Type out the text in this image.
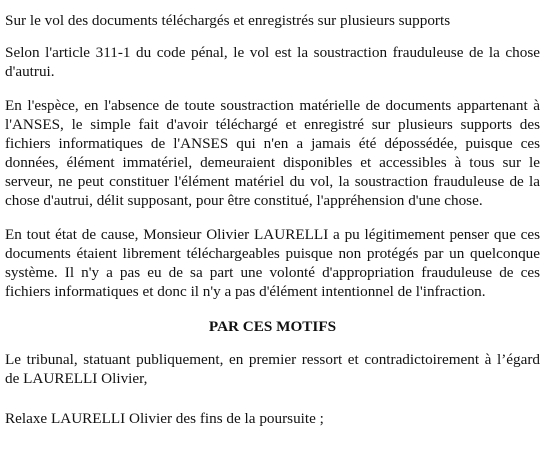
Sur le vol des documents téléchargés et enregistrés sur plusieurs supports

Selon l'article 311-1 du code pénal, le vol est la soustraction frauduleuse de la chose d'autrui.

En l'espèce, en l'absence de toute soustraction matérielle de documents appartenant à l'ANSES, le simple fait d'avoir téléchargé et enregistré sur plusieurs supports des fichiers informatiques de l'ANSES qui n'en a jamais été dépossédée, puisque ces données, élément immatériel, demeuraient disponibles et accessibles à tous sur le serveur, ne peut constituer l'élément matériel du vol, la soustraction frauduleuse de la chose d'autrui, délit supposant, pour être constitué, l'appréhension d'une chose.

En tout état de cause, Monsieur Olivier LAURELLI a pu légitimement penser que ces documents étaient librement téléchargeables puisque non protégés par un quelconque système. Il n'y a pas eu de sa part une volonté d'appropriation frauduleuse de ces fichiers informatiques et donc il n'y a pas d'élément intentionnel de l'infraction.

PAR CES MOTIFS

Le tribunal, statuant publiquement, en premier ressort et contradictoirement à l’égard de LAURELLI Olivier,

Relaxe LAURELLI Olivier des fins de la poursuite ;
